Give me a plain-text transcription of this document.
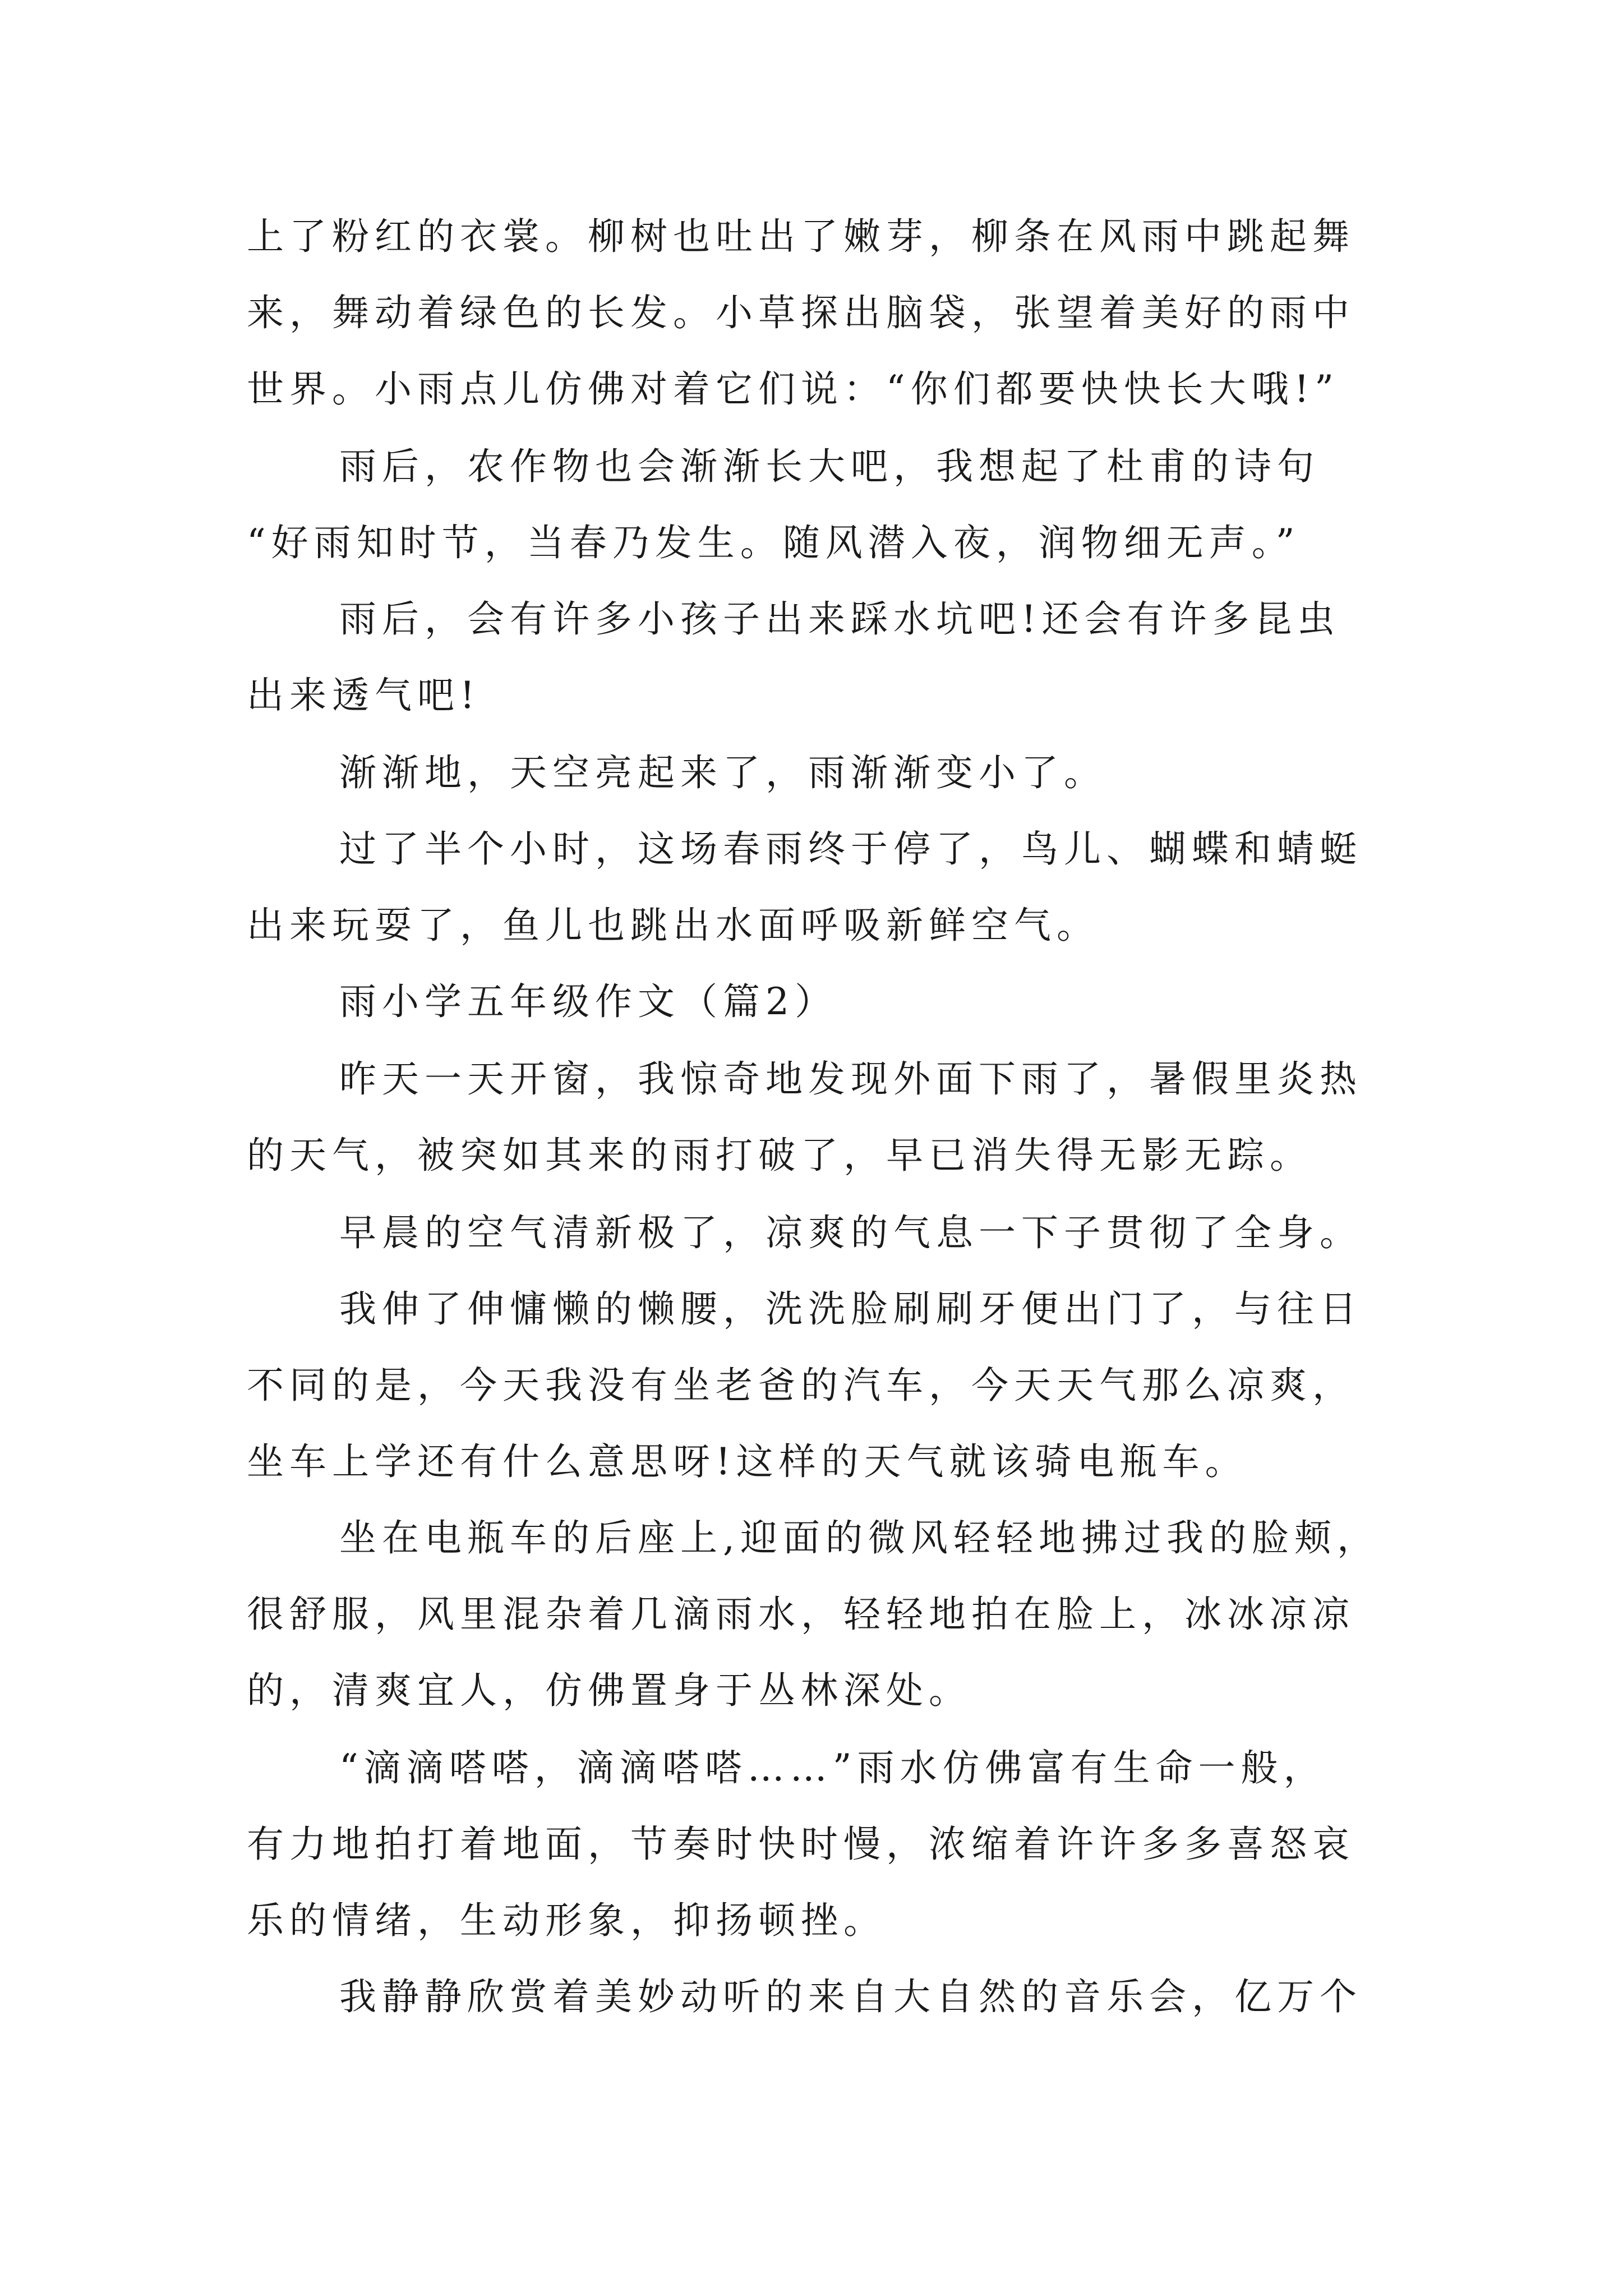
上了粉红的衣裳。柳树也吐出了嫩芽，柳条在风雨中跳起舞
来，舞动着绿色的长发。小草探出脑袋，张望着美好的雨中
世界。小雨点儿仿佛对着它们说：“你们都要快快长大哦!”
雨后，农作物也会渐渐长大吧，我想起了杜甫的诗句
“好雨知时节，当春乃发生。随风潜入夜，润物细无声。”
雨后，会有许多小孩子出来踩水坑吧!还会有许多昆虫
出来透气吧!
渐渐地，天空亮起来了，雨渐渐变小了。
过了半个小时，这场春雨终于停了，鸟儿、蝴蝶和蜻蜓
出来玩耍了，鱼儿也跳出水面呼吸新鲜空气。
雨小学五年级作文（篇2）
昨天一天开窗，我惊奇地发现外面下雨了，暑假里炎热
的天气，被突如其来的雨打破了，早已消失得无影无踪。
早晨的空气清新极了，凉爽的气息一下子贯彻了全身。
我伸了伸慵懒的懒腰，洗洗脸刷刷牙便出门了，与往日
不同的是，今天我没有坐老爸的汽车，今天天气那么凉爽，
坐车上学还有什么意思呀!这样的天气就该骑电瓶车。
坐在电瓶车的后座上,迎面的微风轻轻地拂过我的脸颊，
很舒服，风里混杂着几滴雨水，轻轻地拍在脸上，冰冰凉凉
的，清爽宜人，仿佛置身于丛林深处。
“滴滴嗒嗒，滴滴嗒嗒……”雨水仿佛富有生命一般，
有力地拍打着地面，节奏时快时慢，浓缩着许许多多喜怒哀
乐的情绪，生动形象，抑扬顿挫。
我静静欣赏着美妙动听的来自大自然的音乐会，亿万个
